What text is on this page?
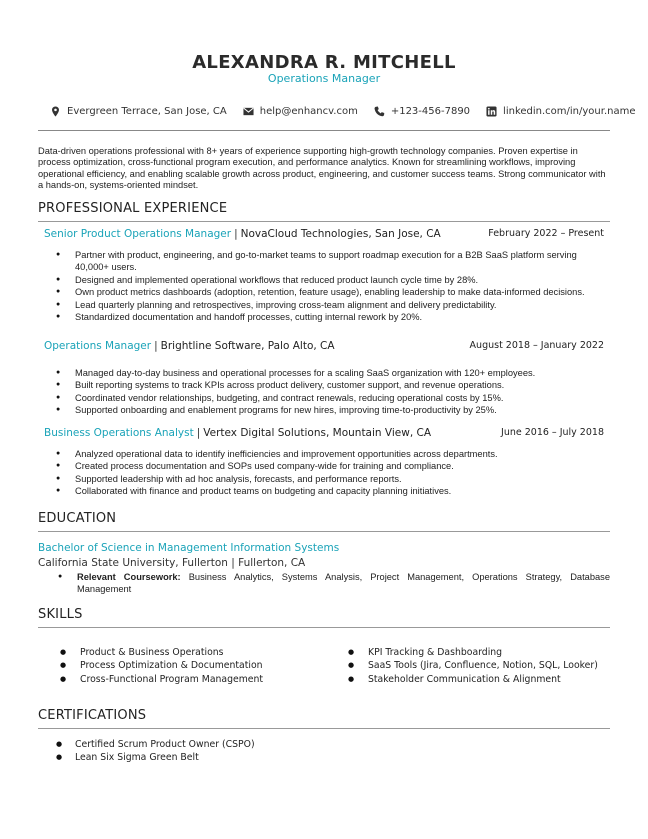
ALEXANDRA R. MITCHELL
Operations Manager
Evergreen Terrace, San Jose, CA	help@enhancv.com	+123-456-7890	linkedin.com/in/your.name

Data-driven operations professional with 8+ years of experience supporting high-growth technology companies. Proven expertise in process optimization, cross-functional program execution, and performance analytics. Known for streamlining workflows, improving operational efficiency, and enabling scalable growth across product, engineering, and customer success teams. Strong communicator with a hands-on, systems-oriented mindset.

PROFESSIONAL EXPERIENCE
Senior Product Operations Manager | NovaCloud Technologies, San Jose, CA	February 2022 – Present
● Partner with product, engineering, and go-to-market teams to support roadmap execution for a B2B SaaS platform serving 40,000+ users.
● Designed and implemented operational workflows that reduced product launch cycle time by 28%.
● Own product metrics dashboards (adoption, retention, feature usage), enabling leadership to make data-informed decisions.
● Lead quarterly planning and retrospectives, improving cross-team alignment and delivery predictability.
● Standardized documentation and handoff processes, cutting internal rework by 20%.
Operations Manager | Brightline Software, Palo Alto, CA	August 2018 – January 2022
● Managed day-to-day business and operational processes for a scaling SaaS organization with 120+ employees.
● Built reporting systems to track KPIs across product delivery, customer support, and revenue operations.
● Coordinated vendor relationships, budgeting, and contract renewals, reducing operational costs by 15%.
● Supported onboarding and enablement programs for new hires, improving time-to-productivity by 25%.
Business Operations Analyst | Vertex Digital Solutions, Mountain View, CA	June 2016 – July 2018
● Analyzed operational data to identify inefficiencies and improvement opportunities across departments.
● Created process documentation and SOPs used company-wide for training and compliance.
● Supported leadership with ad hoc analysis, forecasts, and performance reports.
● Collaborated with finance and product teams on budgeting and capacity planning initiatives.
EDUCATION
Bachelor of Science in Management Information Systems
California State University, Fullerton | Fullerton, CA
● Relevant Coursework: Business Analytics, Systems Analysis, Project Management, Operations Strategy, Database Management
SKILLS
● Product & Business Operations
● Process Optimization & Documentation
● Cross-Functional Program Management
● KPI Tracking & Dashboarding
● SaaS Tools (Jira, Confluence, Notion, SQL, Looker)
● Stakeholder Communication & Alignment
CERTIFICATIONS
● Certified Scrum Product Owner (CSPO)
● Lean Six Sigma Green Belt
